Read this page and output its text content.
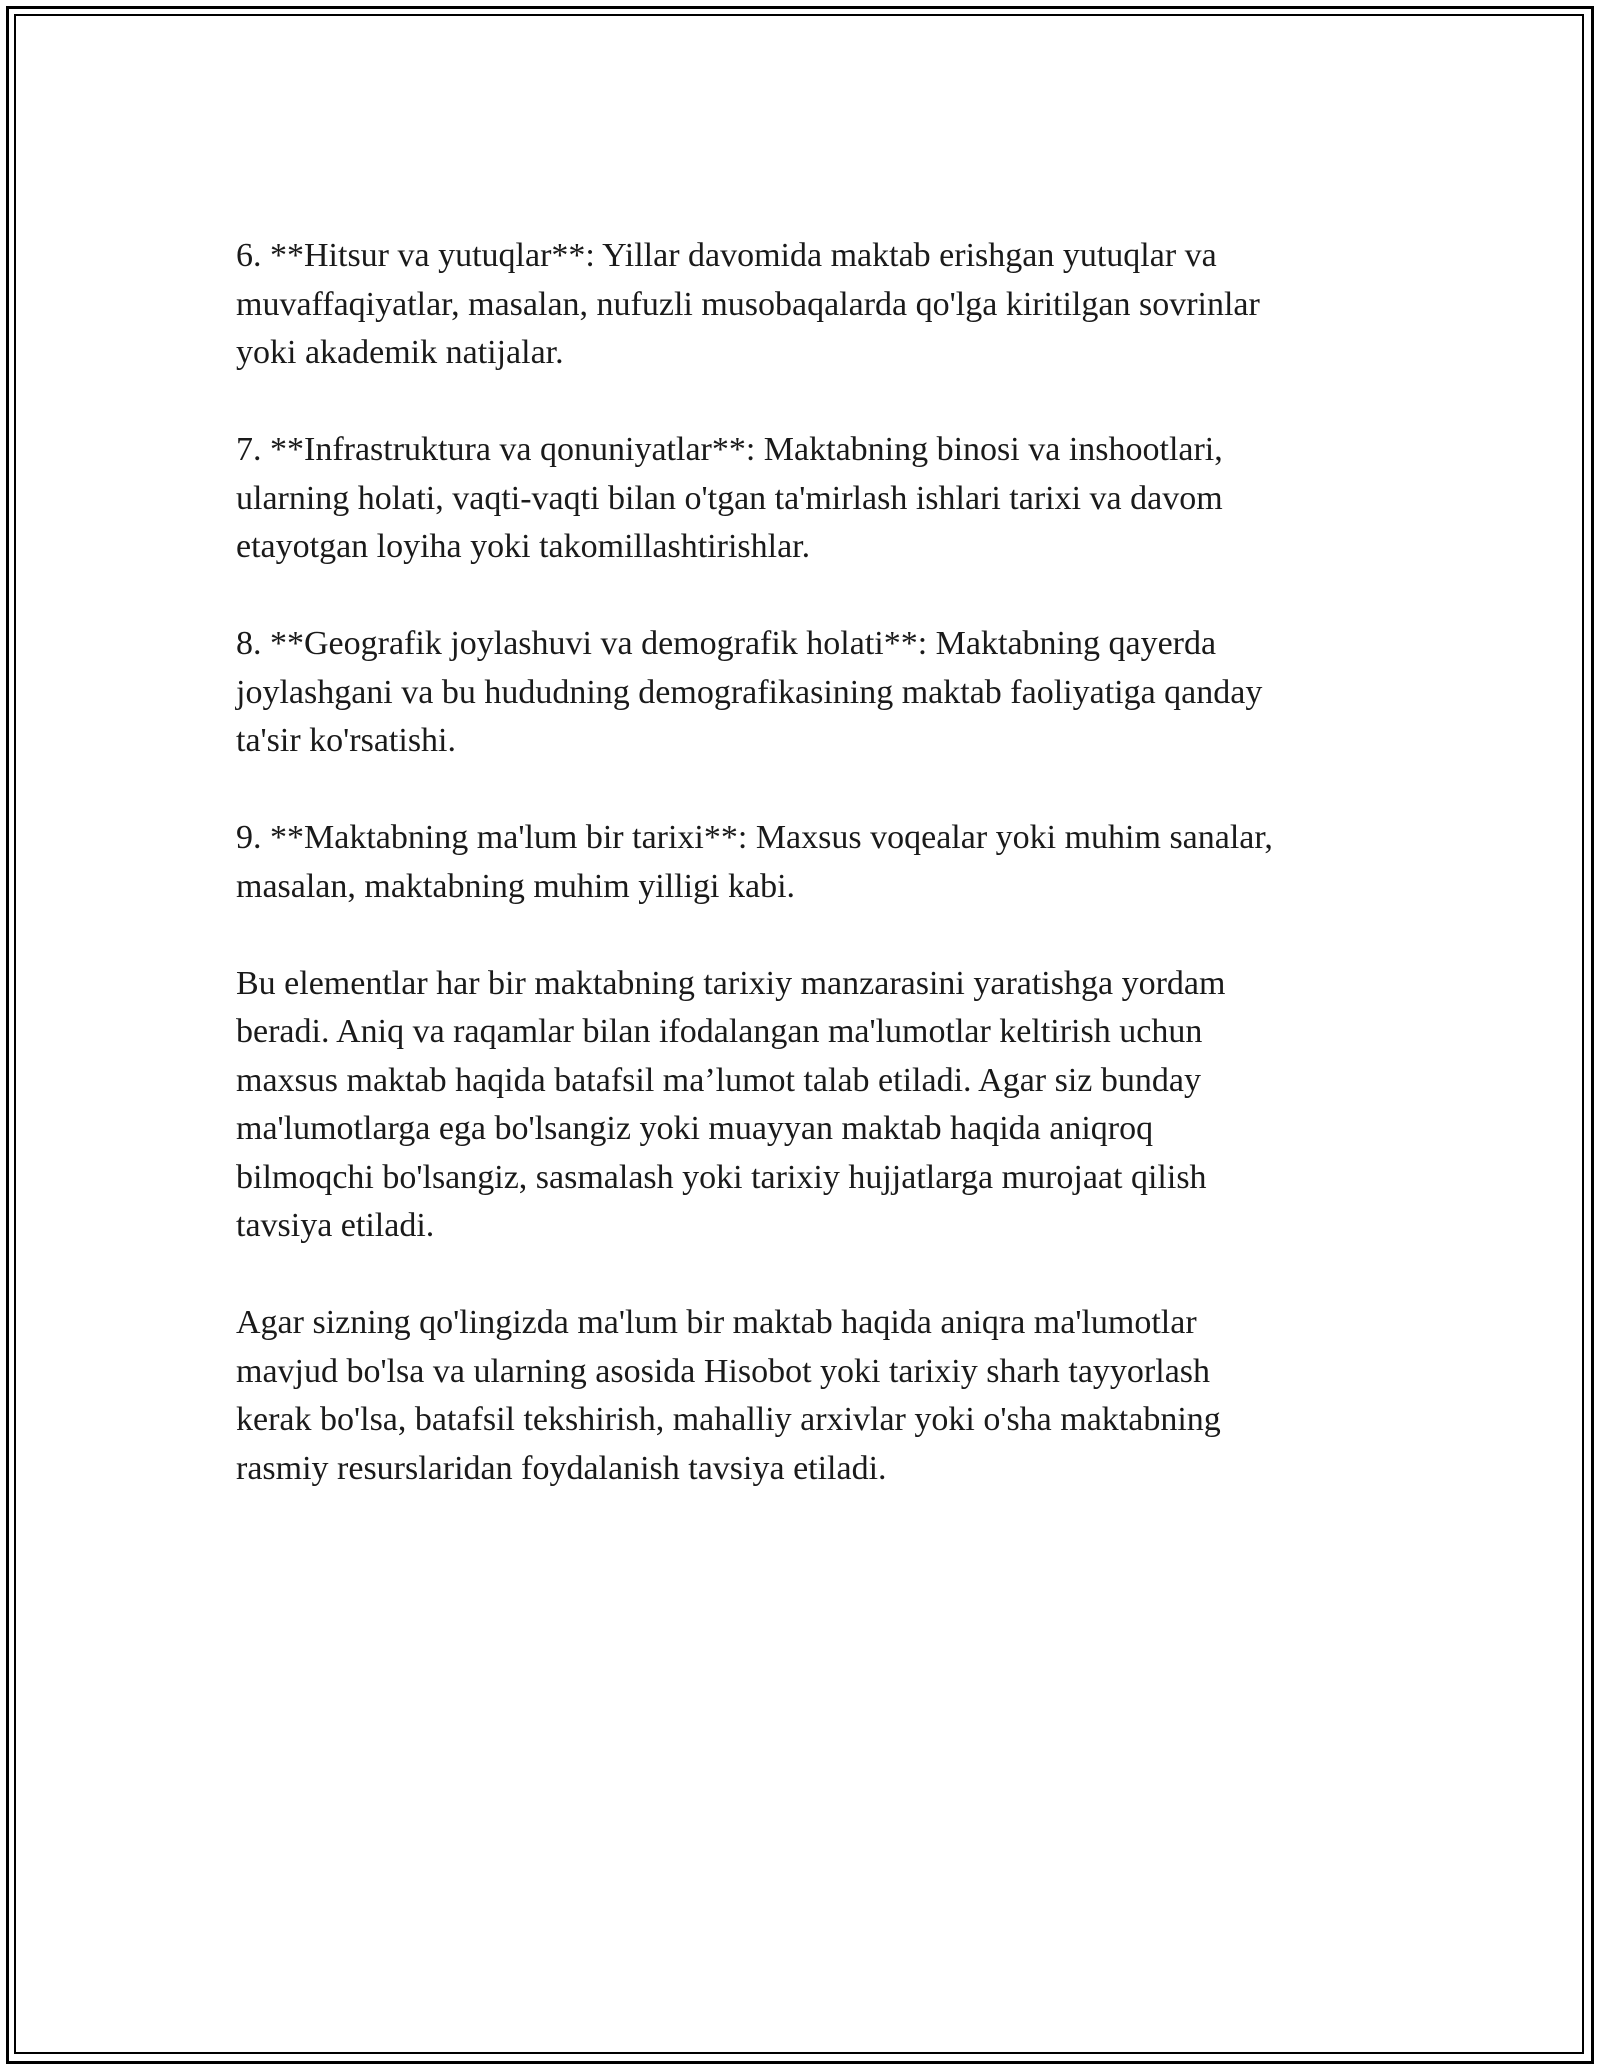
6. **Hitsur va yutuqlar**: Yillar davomida maktab erishgan yutuqlar va
muvaffaqiyatlar, masalan, nufuzli musobaqalarda qo'lga kiritilgan sovrinlar
yoki akademik natijalar.

7. **Infrastruktura va qonuniyatlar**: Maktabning binosi va inshootlari,
ularning holati, vaqti-vaqti bilan o'tgan ta'mirlash ishlari tarixi va davom
etayotgan loyiha yoki takomillashtirishlar.

8. **Geografik joylashuvi va demografik holati**: Maktabning qayerda
joylashgani va bu hududning demografikasining maktab faoliyatiga qanday
ta'sir ko'rsatishi.

9. **Maktabning ma'lum bir tarixi**: Maxsus voqealar yoki muhim sanalar,
masalan, maktabning muhim yilligi kabi.

Bu elementlar har bir maktabning tarixiy manzarasini yaratishga yordam
beradi. Aniq va raqamlar bilan ifodalangan ma'lumotlar keltirish uchun
maxsus maktab haqida batafsil ma’lumot talab etiladi. Agar siz bunday
ma'lumotlarga ega bo'lsangiz yoki muayyan maktab haqida aniqroq
bilmoqchi bo'lsangiz, sasmalash yoki tarixiy hujjatlarga murojaat qilish
tavsiya etiladi.

Agar sizning qo'lingizda ma'lum bir maktab haqida aniqra ma'lumotlar
mavjud bo'lsa va ularning asosida Hisobot yoki tarixiy sharh tayyorlash
kerak bo'lsa, batafsil tekshirish, mahalliy arxivlar yoki o'sha maktabning
rasmiy resurslaridan foydalanish tavsiya etiladi.
